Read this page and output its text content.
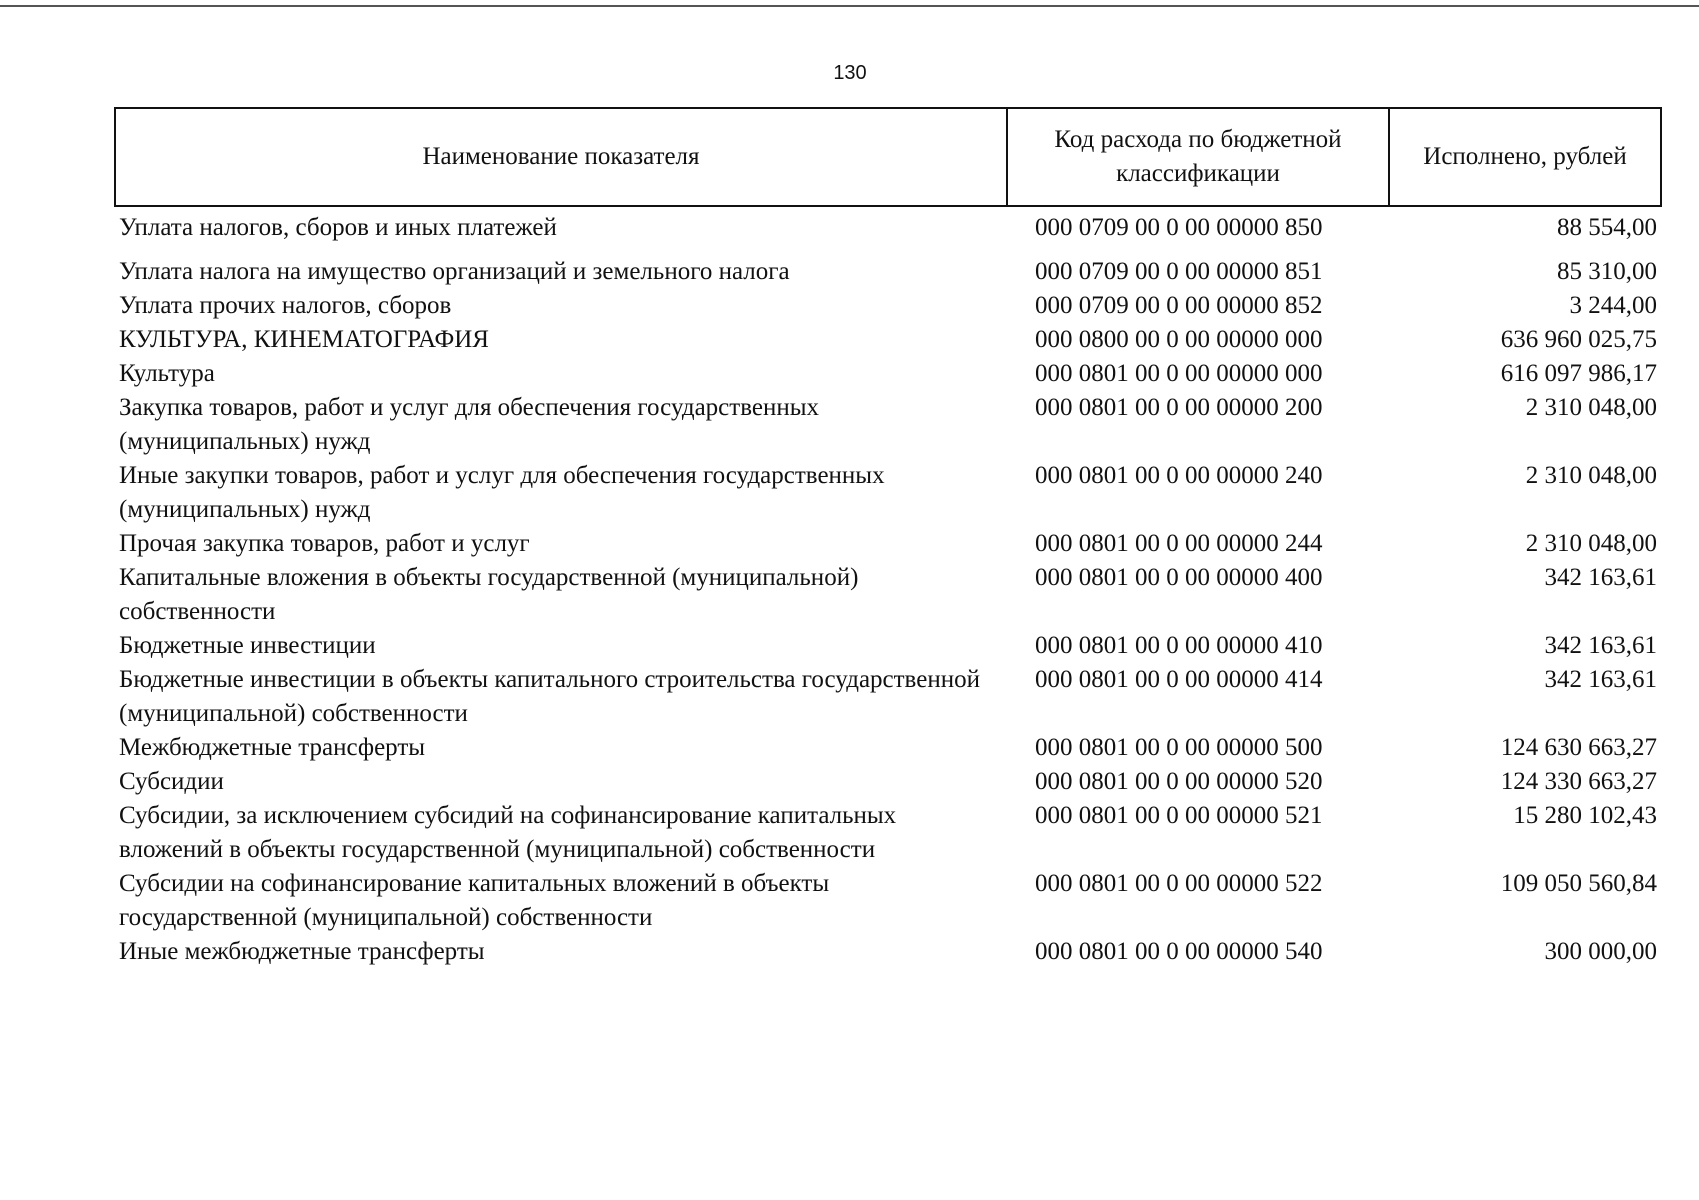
130
Наименование показателя	Код расхода по бюджетной классификации	Исполнено, рублей
Уплата налогов, сборов и иных платежей	000 0709 00 0 00 00000 850	88 554,00
Уплата налога на имущество организаций и земельного налога	000 0709 00 0 00 00000 851	85 310,00
Уплата прочих налогов, сборов	000 0709 00 0 00 00000 852	3 244,00
КУЛЬТУРА, КИНЕМАТОГРАФИЯ	000 0800 00 0 00 00000 000	636 960 025,75
Культура	000 0801 00 0 00 00000 000	616 097 986,17
Закупка товаров, работ и услуг для обеспечения государственных (муниципальных) нужд	000 0801 00 0 00 00000 200	2 310 048,00
Иные закупки товаров, работ и услуг для обеспечения государственных (муниципальных) нужд	000 0801 00 0 00 00000 240	2 310 048,00
Прочая закупка товаров, работ и услуг	000 0801 00 0 00 00000 244	2 310 048,00
Капитальные вложения в объекты государственной (муниципальной) собственности	000 0801 00 0 00 00000 400	342 163,61
Бюджетные инвестиции	000 0801 00 0 00 00000 410	342 163,61
Бюджетные инвестиции в объекты капитального строительства государственной (муниципальной) собственности	000 0801 00 0 00 00000 414	342 163,61
Межбюджетные трансферты	000 0801 00 0 00 00000 500	124 630 663,27
Субсидии	000 0801 00 0 00 00000 520	124 330 663,27
Субсидии, за исключением субсидий на софинансирование капитальных вложений в объекты государственной (муниципальной) собственности	000 0801 00 0 00 00000 521	15 280 102,43
Субсидии на софинансирование капитальных вложений в объекты государственной (муниципальной) собственности	000 0801 00 0 00 00000 522	109 050 560,84
Иные межбюджетные трансферты	000 0801 00 0 00 00000 540	300 000,00
